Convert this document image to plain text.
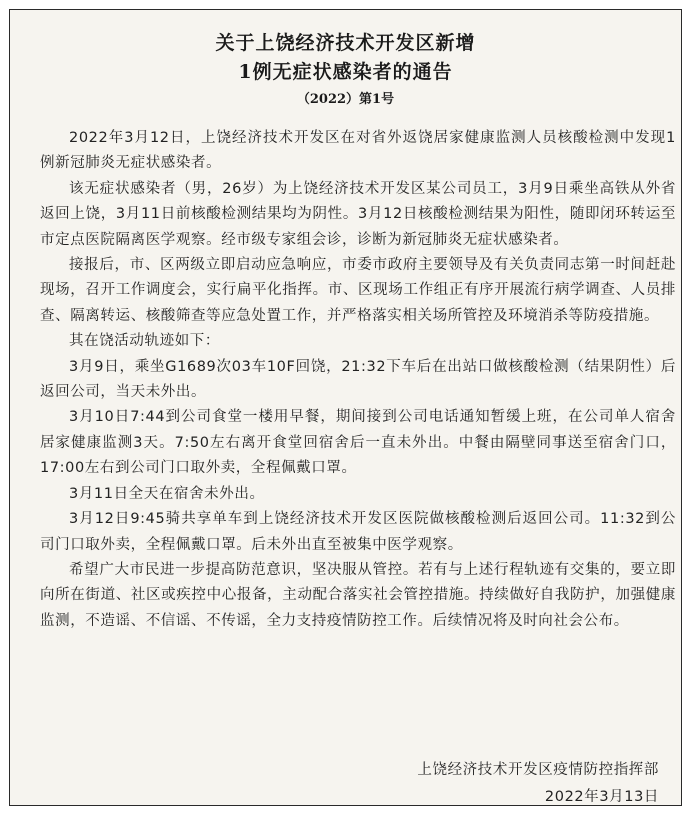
关于上饶经济技术开发区新增
1例无症状感染者的通告
（2022）第1号

2022年3月12日，上饶经济技术开发区在对省外返饶居家健康监测人员核酸检测中发现1例新冠肺炎无症状感染者。

该无症状感染者（男，26岁）为上饶经济技术开发区某公司员工，3月9日乘坐高铁从外省返回上饶，3月11日前核酸检测结果均为阴性。3月12日核酸检测结果为阳性，随即闭环转运至市定点医院隔离医学观察。经市级专家组会诊，诊断为新冠肺炎无症状感染者。

接报后，市、区两级立即启动应急响应，市委市政府主要领导及有关负责同志第一时间赶赴现场，召开工作调度会，实行扁平化指挥。市、区现场工作组正有序开展流行病学调查、人员排查、隔离转运、核酸筛查等应急处置工作，并严格落实相关场所管控及环境消杀等防疫措施。

其在饶活动轨迹如下：

3月9日，乘坐G1689次03车10F回饶，21:32下车后在出站口做核酸检测（结果阴性）后返回公司，当天未外出。

3月10日7:44到公司食堂一楼用早餐，期间接到公司电话通知暂缓上班，在公司单人宿舍居家健康监测3天。7:50左右离开食堂回宿舍后一直未外出。中餐由隔壁同事送至宿舍门口，17:00左右到公司门口取外卖，全程佩戴口罩。

3月11日全天在宿舍未外出。

3月12日9:45骑共享单车到上饶经济技术开发区医院做核酸检测后返回公司。11:32到公司门口取外卖，全程佩戴口罩。后未外出直至被集中医学观察。

希望广大市民进一步提高防范意识，坚决服从管控。若有与上述行程轨迹有交集的，要立即向所在街道、社区或疾控中心报备，主动配合落实社会管控措施。持续做好自我防护，加强健康监测，不造谣、不信谣、不传谣，全力支持疫情防控工作。后续情况将及时向社会公布。

上饶经济技术开发区疫情防控指挥部
2022年3月13日
